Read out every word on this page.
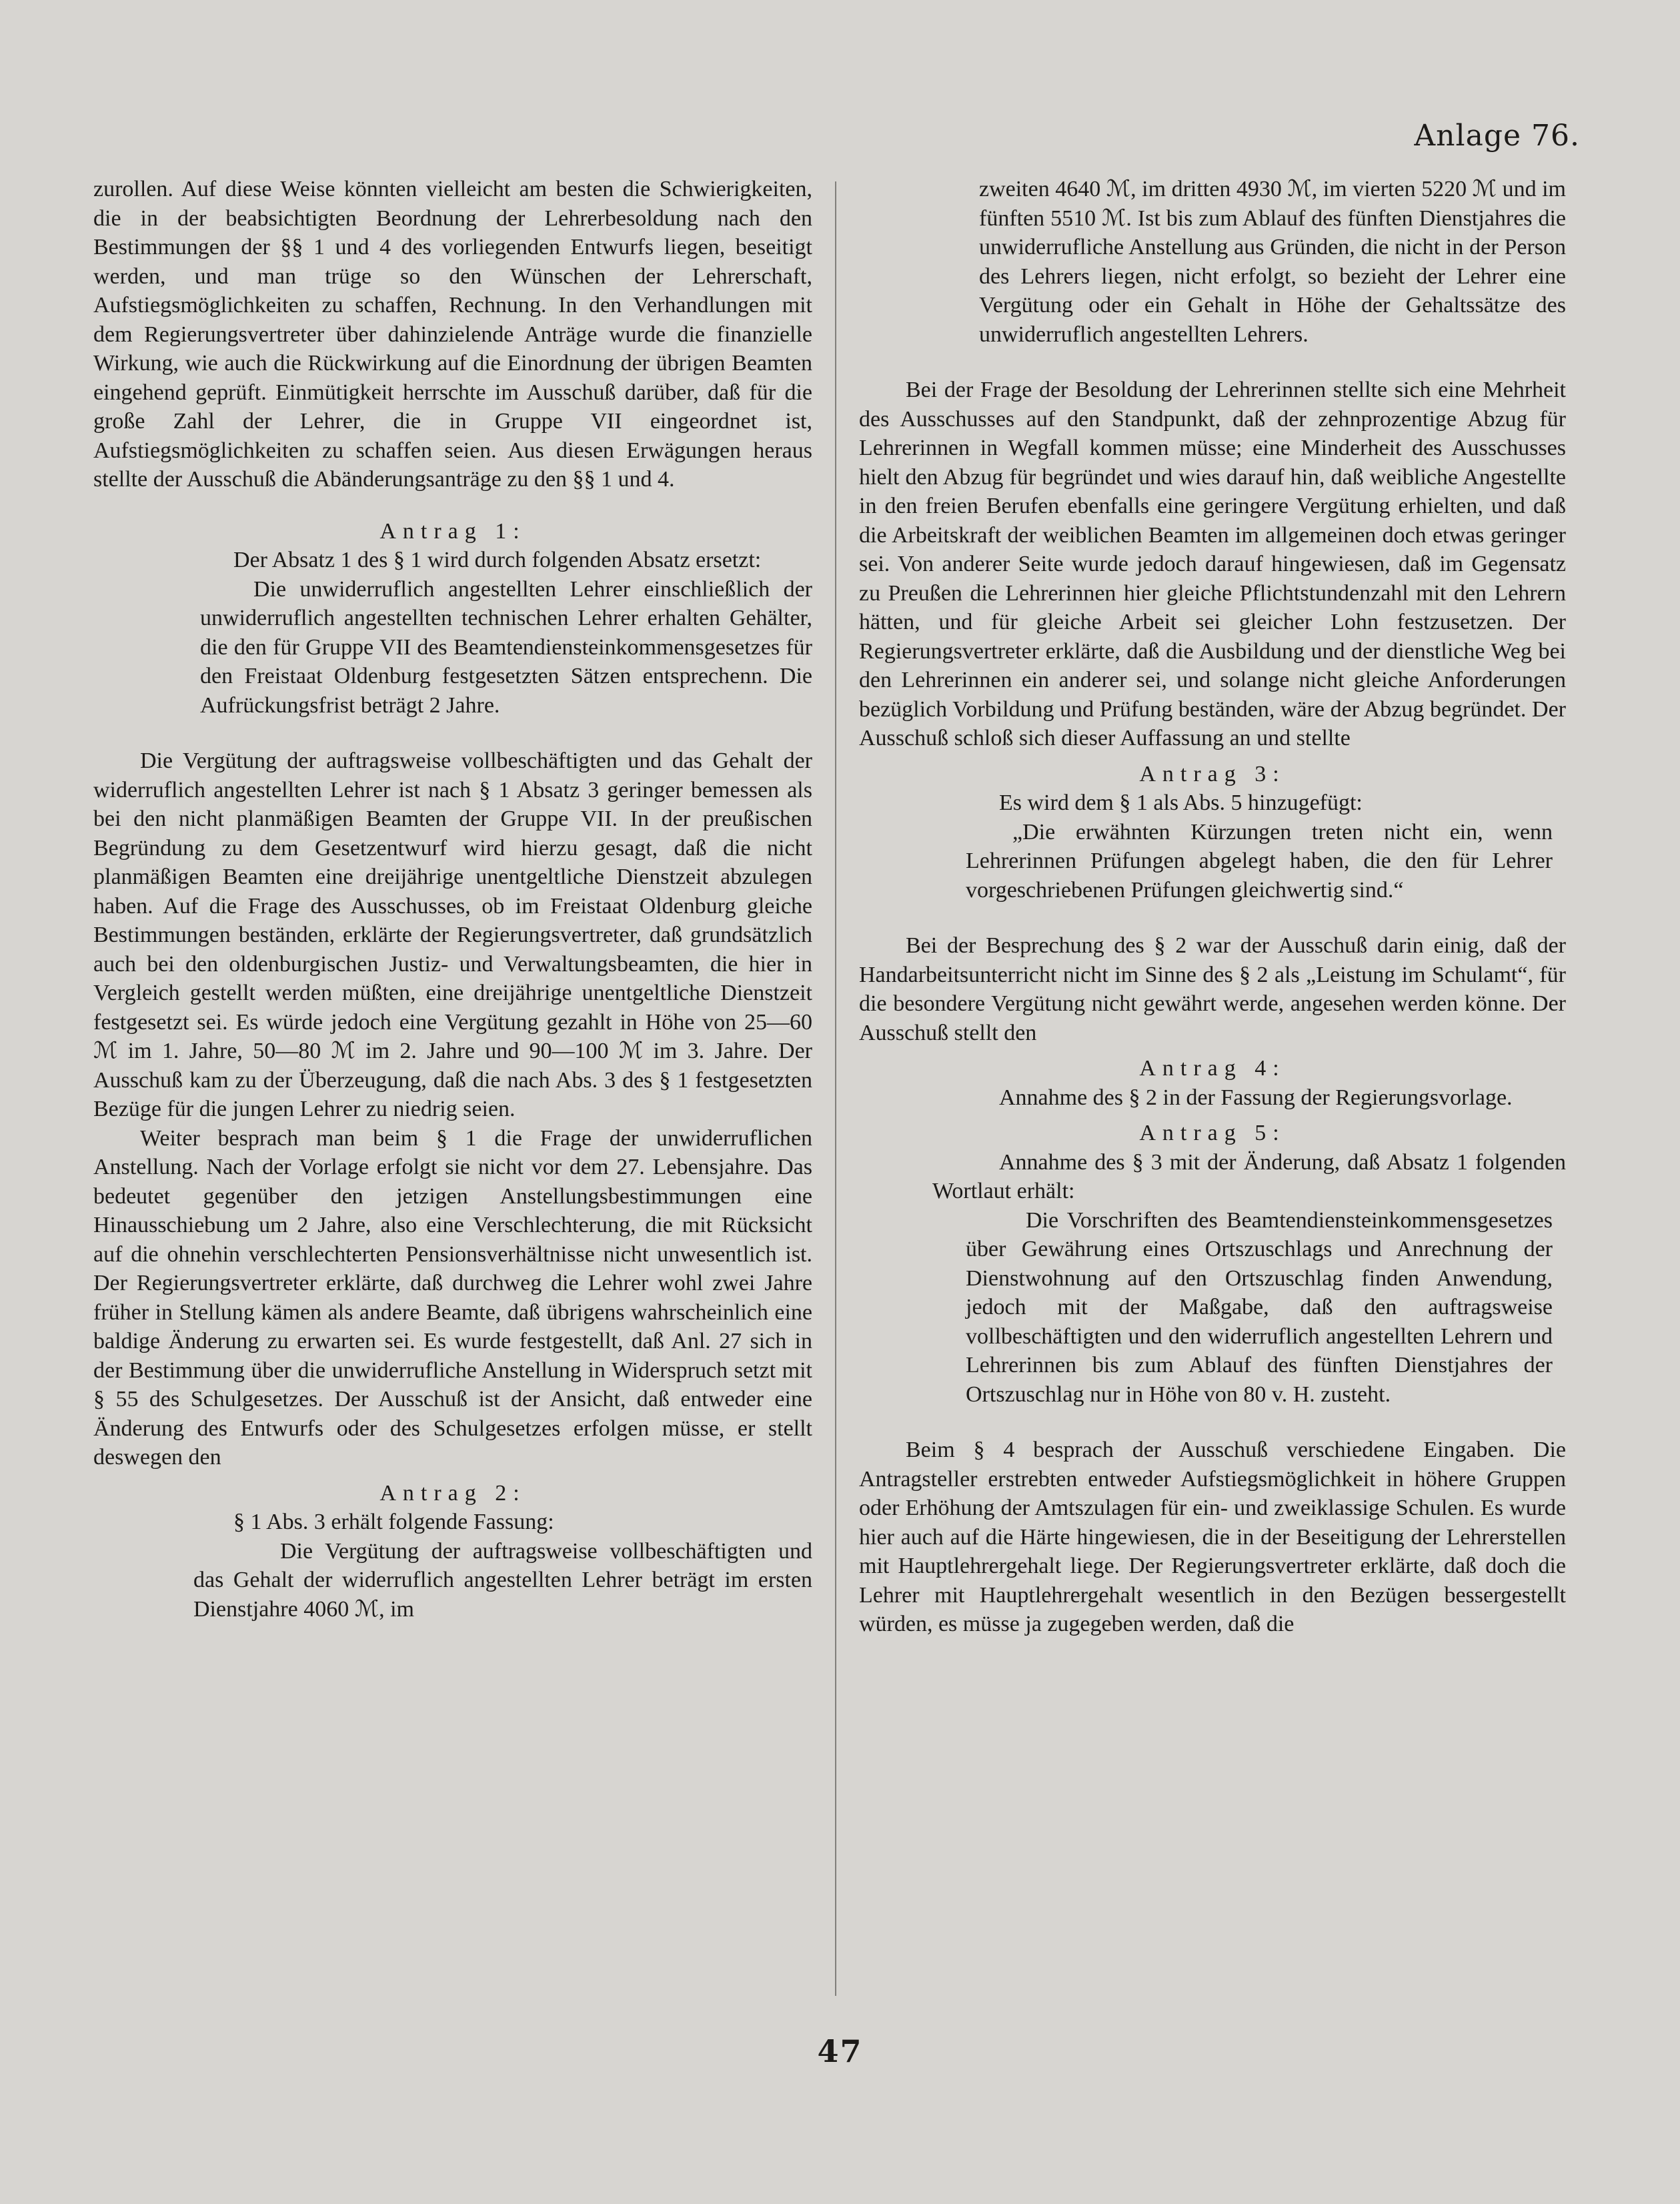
Anlage 76.

zurollen. Auf diese Weise könnten vielleicht am besten die Schwierigkeiten, die in der beabsichtigten Beordnung der Lehrerbesoldung nach den Bestimmungen der §§ 1 und 4 des vorliegenden Entwurfs liegen, beseitigt werden, und man trüge so den Wünschen der Lehrerschaft, Aufstiegsmöglichkeiten zu schaffen, Rechnung. In den Verhandlungen mit dem Regierungsvertreter über dahinzielende Anträge wurde die finanzielle Wirkung, wie auch die Rückwirkung auf die Einordnung der übrigen Beamten eingehend geprüft. Einmütigkeit herrschte im Ausschuß darüber, daß für die große Zahl der Lehrer, die in Gruppe VII eingeordnet ist, Aufstiegsmöglichkeiten zu schaffen seien. Aus diesen Erwägungen heraus stellte der Ausschuß die Abänderungsanträge zu den §§ 1 und 4.

Antrag 1:

Der Absatz 1 des § 1 wird durch folgenden Absatz ersetzt:

Die unwiderruflich angestellten Lehrer einschließlich der unwiderruflich angestellten technischen Lehrer erhalten Gehälter, die den für Gruppe VII des Beamtendiensteinkommensgesetzes für den Freistaat Oldenburg festgesetzten Sätzen entsprechenn. Die Aufrückungsfrist beträgt 2 Jahre.

Die Vergütung der auftragsweise vollbeschäftigten und das Gehalt der widerruflich angestellten Lehrer ist nach § 1 Absatz 3 geringer bemessen als bei den nicht planmäßigen Beamten der Gruppe VII. In der preußischen Begründung zu dem Gesetzentwurf wird hierzu gesagt, daß die nicht planmäßigen Beamten eine dreijährige unentgeltliche Dienstzeit abzulegen haben. Auf die Frage des Ausschusses, ob im Freistaat Oldenburg gleiche Bestimmungen beständen, erklärte der Regierungsvertreter, daß grundsätzlich auch bei den oldenburgischen Justiz- und Verwaltungsbeamten, die hier in Vergleich gestellt werden müßten, eine dreijährige unentgeltliche Dienstzeit festgesetzt sei. Es würde jedoch eine Vergütung gezahlt in Höhe von 25—60 ℳ im 1. Jahre, 50—80 ℳ im 2. Jahre und 90—100 ℳ im 3. Jahre. Der Ausschuß kam zu der Überzeugung, daß die nach Abs. 3 des § 1 festgesetzten Bezüge für die jungen Lehrer zu niedrig seien.

Weiter besprach man beim § 1 die Frage der unwiderruflichen Anstellung. Nach der Vorlage erfolgt sie nicht vor dem 27. Lebensjahre. Das bedeutet gegenüber den jetzigen Anstellungsbestimmungen eine Hinausschiebung um 2 Jahre, also eine Verschlechterung, die mit Rücksicht auf die ohnehin verschlechterten Pensionsverhältnisse nicht unwesentlich ist. Der Regierungsvertreter erklärte, daß durchweg die Lehrer wohl zwei Jahre früher in Stellung kämen als andere Beamte, daß übrigens wahrscheinlich eine baldige Änderung zu erwarten sei. Es wurde festgestellt, daß Anl. 27 sich in der Bestimmung über die unwiderrufliche Anstellung in Widerspruch setzt mit § 55 des Schulgesetzes. Der Ausschuß ist der Ansicht, daß entweder eine Änderung des Entwurfs oder des Schulgesetzes erfolgen müsse, er stellt deswegen den

Antrag 2:

§ 1 Abs. 3 erhält folgende Fassung:

Die Vergütung der auftragsweise vollbeschäftigten und das Gehalt der widerruflich angestellten Lehrer beträgt im ersten Dienstjahre 4060 ℳ, im

zweiten 4640 ℳ, im dritten 4930 ℳ, im vierten 5220 ℳ und im fünften 5510 ℳ. Ist bis zum Ablauf des fünften Dienstjahres die unwiderrufliche Anstellung aus Gründen, die nicht in der Person des Lehrers liegen, nicht erfolgt, so bezieht der Lehrer eine Vergütung oder ein Gehalt in Höhe der Gehaltssätze des unwiderruflich angestellten Lehrers.

Bei der Frage der Besoldung der Lehrerinnen stellte sich eine Mehrheit des Ausschusses auf den Standpunkt, daß der zehnprozentige Abzug für Lehrerinnen in Wegfall kommen müsse; eine Minderheit des Ausschusses hielt den Abzug für begründet und wies darauf hin, daß weibliche Angestellte in den freien Berufen ebenfalls eine geringere Vergütung erhielten, und daß die Arbeitskraft der weiblichen Beamten im allgemeinen doch etwas geringer sei. Von anderer Seite wurde jedoch darauf hingewiesen, daß im Gegensatz zu Preußen die Lehrerinnen hier gleiche Pflichtstundenzahl mit den Lehrern hätten, und für gleiche Arbeit sei gleicher Lohn festzusetzen. Der Regierungsvertreter erklärte, daß die Ausbildung und der dienstliche Weg bei den Lehrerinnen ein anderer sei, und solange nicht gleiche Anforderungen bezüglich Vorbildung und Prüfung beständen, wäre der Abzug begründet. Der Ausschuß schloß sich dieser Auffassung an und stellte

Antrag 3:

Es wird dem § 1 als Abs. 5 hinzugefügt:

„Die erwähnten Kürzungen treten nicht ein, wenn Lehrerinnen Prüfungen abgelegt haben, die den für Lehrer vorgeschriebenen Prüfungen gleichwertig sind.“

Bei der Besprechung des § 2 war der Ausschuß darin einig, daß der Handarbeitsunterricht nicht im Sinne des § 2 als „Leistung im Schulamt“, für die besondere Vergütung nicht gewährt werde, angesehen werden könne. Der Ausschuß stellt den

Antrag 4:

Annahme des § 2 in der Fassung der Regierungsvorlage.

Antrag 5:

Annahme des § 3 mit der Änderung, daß Absatz 1 folgenden Wortlaut erhält:

Die Vorschriften des Beamtendiensteinkommensgesetzes über Gewährung eines Ortszuschlags und Anrechnung der Dienstwohnung auf den Ortszuschlag finden Anwendung, jedoch mit der Maßgabe, daß den auftragsweise vollbeschäftigten und den widerruflich angestellten Lehrern und Lehrerinnen bis zum Ablauf des fünften Dienstjahres der Ortszuschlag nur in Höhe von 80 v. H. zusteht.

Beim § 4 besprach der Ausschuß verschiedene Eingaben. Die Antragsteller erstrebten entweder Aufstiegsmöglichkeit in höhere Gruppen oder Erhöhung der Amtszulagen für ein- und zweiklassige Schulen. Es wurde hier auch auf die Härte hingewiesen, die in der Beseitigung der Lehrerstellen mit Hauptlehrergehalt liege. Der Regierungsvertreter erklärte, daß doch die Lehrer mit Hauptlehrergehalt wesentlich in den Bezügen bessergestellt würden, es müsse ja zugegeben werden, daß die

47
